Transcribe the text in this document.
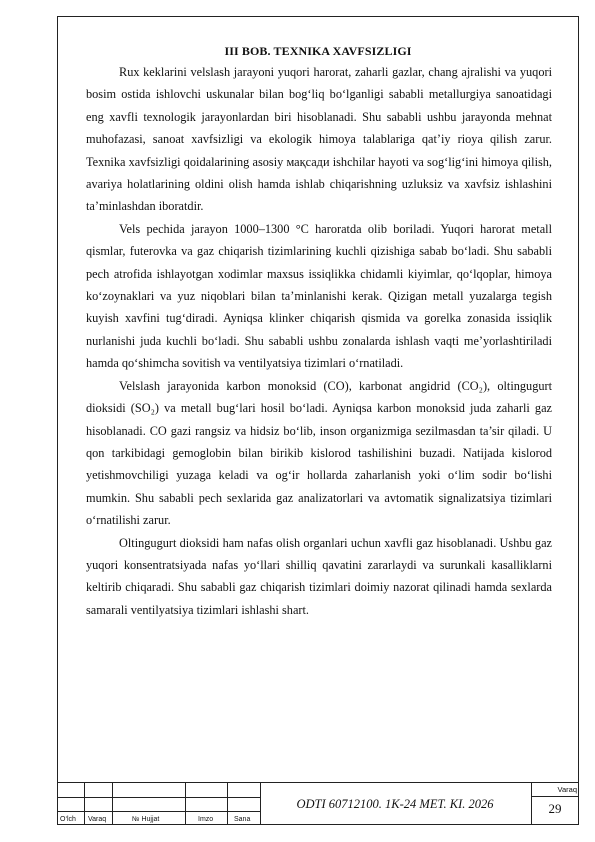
III BOB. TEXNIKA XAVFSIZLIGI

Rux keklarini velslash jarayoni yuqori harorat, zaharli gazlar, chang ajralishi va yuqori bosim ostida ishlovchi uskunalar bilan bog‘liq bo‘lganligi sababli metallurgiya sanoatidagi eng xavfli texnologik jarayonlardan biri hisoblanadi. Shu sababli ushbu jarayonda mehnat muhofazasi, sanoat xavfsizligi va ekologik himoya talablariga qat’iy rioya qilish zarur. Texnika xavfsizligi qoidalarining asosiy мақсади ishchilar hayoti va sog‘lig‘ini himoya qilish, avariya holatlarining oldini olish hamda ishlab chiqarishning uzluksiz va xavfsiz ishlashini ta’minlashdan iboratdir.

Vels pechida jarayon 1000–1300 °C haroratda olib boriladi. Yuqori harorat metall qismlar, futerovka va gaz chiqarish tizimlarining kuchli qizishiga sabab bo‘ladi. Shu sababli pech atrofida ishlayotgan xodimlar maxsus issiqlikka chidamli kiyimlar, qo‘lqoplar, himoya ko‘zoynaklari va yuz niqoblari bilan ta’minlanishi kerak. Qizigan metall yuzalarga tegish kuyish xavfini tug‘diradi. Ayniqsa klinker chiqarish qismida va gorelka zonasida issiqlik nurlanishi juda kuchli bo‘ladi. Shu sababli ushbu zonalarda ishlash vaqti me’yorlashtiriladi hamda qo‘shimcha sovitish va ventilyatsiya tizimlari o‘rnatiladi.

Velslash jarayonida karbon monoksid (CO), karbonat angidrid (CO₂), oltingugurt dioksidi (SO₂) va metall bug‘lari hosil bo‘ladi. Ayniqsa karbon monoksid juda zaharli gaz hisoblanadi. CO gazi rangsiz va hidsiz bo‘lib, inson organizmiga sezilmasdan ta’sir qiladi. U qon tarkibidagi gemoglobin bilan birikib kislorod tashilishini buzadi. Natijada kislorod yetishmovchiligi yuzaga keladi va og‘ir hollarda zaharlanish yoki o‘lim sodir bo‘lishi mumkin. Shu sababli pech sexlarida gaz analizatorlari va avtomatik signalizatsiya tizimlari o‘rnatilishi zarur.

Oltingugurt dioksidi ham nafas olish organlari uchun xavfli gaz hisoblanadi. Ushbu gaz yuqori konsentratsiyada nafas yo‘llari shilliq qavatini zararlaydi va surunkali kasalliklarni keltirib chiqaradi. Shu sababli gaz chiqarish tizimlari doimiy nazorat qilinadi hamda sexlarda samarali ventilyatsiya tizimlari ishlashi shart.

O‘lch Varaq	№ Hujjat	Imzo	Sana
ODTI 60712100. 1K-24 MET. KI. 2026
Varaq
29
